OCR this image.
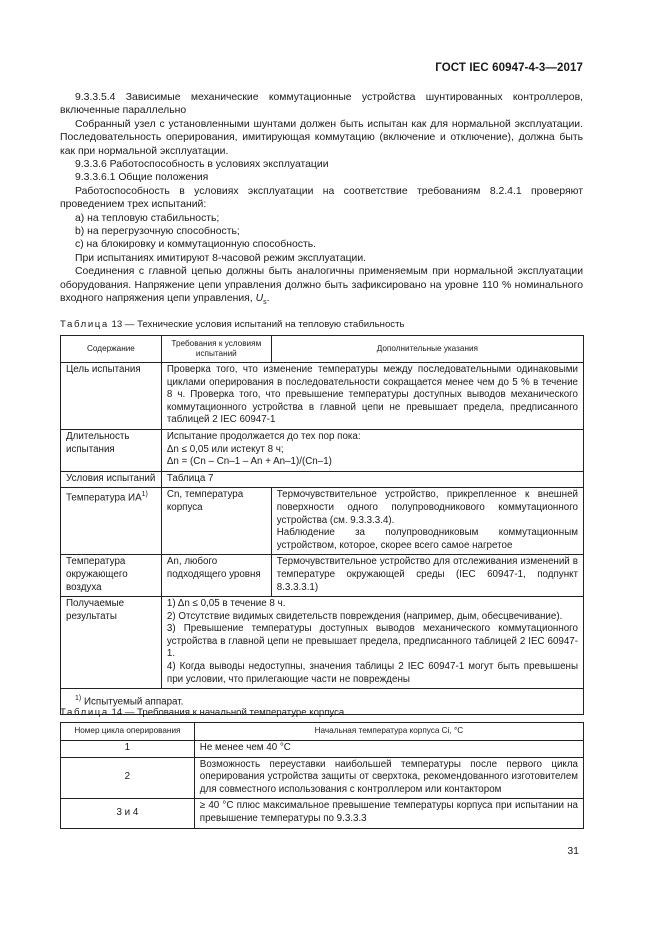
ГОСТ IEC 60947-4-3—2017

9.3.3.5.4 Зависимые механические коммутационные устройства шунтированных контроллеров, включенные параллельно

Собранный узел с установленными шунтами должен быть испытан как для нормальной эксплуатации. Последовательность оперирования, имитирующая коммутацию (включение и отключение), должна быть как при нормальной эксплуатации.

9.3.3.6 Работоспособность в условиях эксплуатации

9.3.3.6.1 Общие положения

Работоспособность в условиях эксплуатации на соответствие требованиям 8.2.4.1 проверяют проведением трех испытаний:

a) на тепловую стабильность;

b) на перегрузочную способность;

c) на блокировку и коммутационную способность.

При испытаниях имитируют 8-часовой режим эксплуатации.

Соединения с главной цепью должны быть аналогичны применяемым при нормальной эксплуатации оборудования. Напряжение цепи управления должно быть зафиксировано на уровне 110 % номинального входного напряжения цепи управления, $U_s$.

Таблица 13 — Технические условия испытаний на тепловую стабильность
Содержание	Требования к условиям испытаний	Дополнительные указания
Цель испытания	Проверка того, что изменение температуры между последовательными одинаковыми циклами оперирования в последовательности сокращается менее чем до 5 % в течение 8 ч. Проверка того, что превышение температуры доступных выводов механического коммутационного устройства в главной цепи не превышает предела, предписанного таблицей 2 IEC 60947-1	
Длительность испытания	Испытание продолжается до тех пор пока:
Δn ≤ 0,05 или истекут 8 ч;
Δn = (Cn – Cn–1 – An + An–1)/(Cn–1)	

Условия испытаний	Таблица 7	
Температура ИА$^{1)}$	Cn, температура корпуса	Термочувствительное устройство, прикрепленное к внешней поверхности одного полупроводникового коммутационного устройства (см. 9.3.3.3.4).
Наблюдение за полупроводниковым коммутационным устройством, которое, скорее всего самое нагретое

Температура окружающего воздуха	An, любого подходящего уровня	Термочувствительное устройство для отслеживания изменений в температуре окружающей среды (IEC 60947-1, подпункт 8.3.3.3.1)
Получаемые результаты	1) Δn ≤ 0,05 в течение 8 ч.
2) Отсутствие видимых свидетельств повреждения (например, дым, обесцвечивание).
3) Превышение температуры доступных выводов механического коммутационного устройства в главной цепи не превышает предела, предписанного таблицей 2 IEC 60947-1.
4) Когда выводы недоступны, значения таблицы 2 IEC 60947-1 могут быть превышены при условии, что прилегающие части не повреждены	

$^{1)}$ Испытуемый аппарат.		
Таблица 14 — Требования к начальной температуре корпуса
Номер цикла оперирования	Начальная температура корпуса Ci, °C
1	Не менее чем 40 °C
2	Возможность переуставки наибольшей температуры после первого цикла оперирования устройства защиты от сверхтока, рекомендованного изготовителем для совместного использования с контроллером или контактором
3 и 4	≥ 40 °C плюс максимальное превышение температуры корпуса при испытании на превышение температуры по 9.3.3.3
31
